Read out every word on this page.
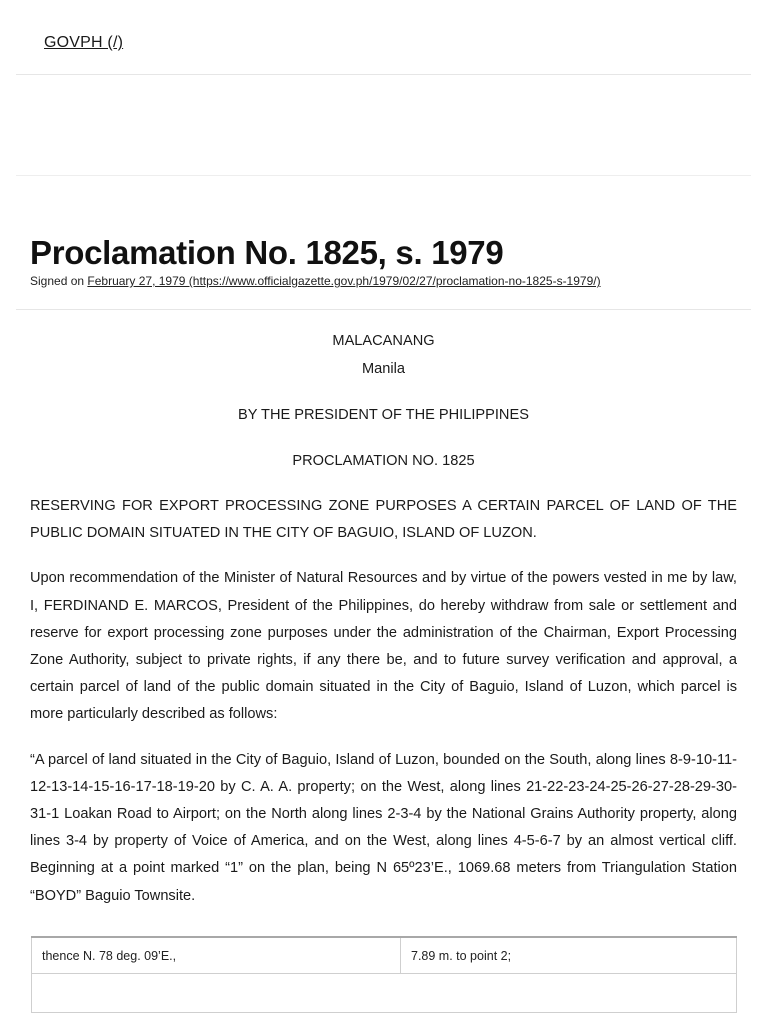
GOVPH (/)
Proclamation No. 1825, s. 1979
Signed on February 27, 1979 (https://www.officialgazette.gov.ph/1979/02/27/proclamation-no-1825-s-1979/)

MALACANANG

Manila

BY THE PRESIDENT OF THE PHILIPPINES

PROCLAMATION NO. 1825

RESERVING FOR EXPORT PROCESSING ZONE PURPOSES A CERTAIN PARCEL OF LAND OF THE PUBLIC DOMAIN SITUATED IN THE CITY OF BAGUIO, ISLAND OF LUZON.

Upon recommendation of the Minister of Natural Resources and by virtue of the powers vested in me by law, I, FERDINAND E. MARCOS, President of the Philippines, do hereby withdraw from sale or settlement and reserve for export processing zone purposes under the administration of the Chairman, Export Processing Zone Authority, subject to private rights, if any there be, and to future survey verification and approval, a certain parcel of land of the public domain situated in the City of Baguio, Island of Luzon, which parcel is more particularly described as follows:

“A parcel of land situated in the City of Baguio, Island of Luzon, bounded on the South, along lines 8-9-10-11- 12-13-14-15-16-17-18-19-20 by C. A. A. property; on the West, along lines 21-22-23-24-25-26-27-28-29-30-31-1 Loakan Road to Airport; on the North along lines 2-3-4 by the National Grains Authority property, along lines 3-4 by property of Voice of America, and on the West, along lines 4-5-6-7 by an almost vertical cliff. Beginning at a point marked “1” on the plan, being N 65º23’E., 1069.68 meters from Triangulation Station “BOYD” Baguio Townsite.

thence N. 78 deg. 09’E.,	7.89 m. to point 2;
